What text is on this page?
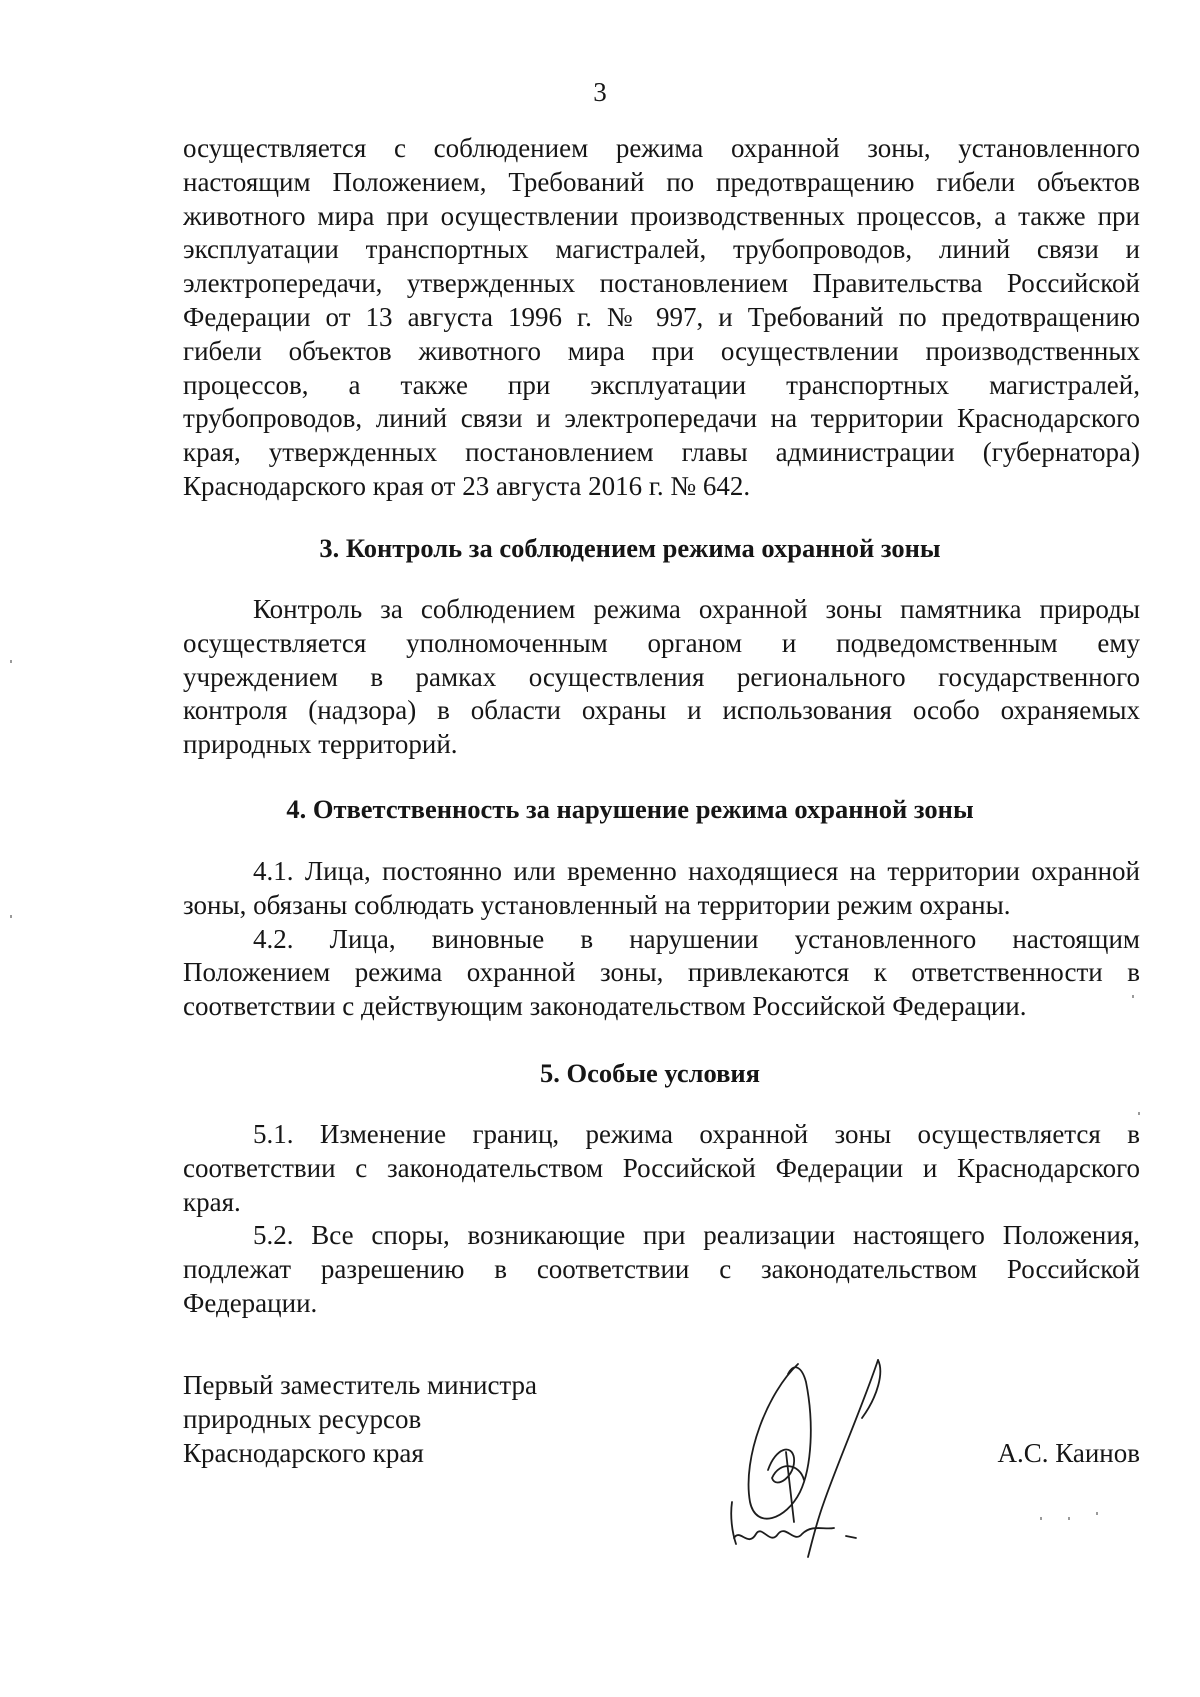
3
осуществляется с соблюдением режима охранной зоны, установленного
настоящим Положением, Требований по предотвращению гибели объектов
животного мира при осуществлении производственных процессов, а также при
эксплуатации транспортных магистралей, трубопроводов, линий связи и
электропередачи, утвержденных постановлением Правительства Российской
Федерации от 13 августа 1996 г. № 997, и Требований по предотвращению
гибели объектов животного мира при осуществлении производственных
процессов, а также при эксплуатации транспортных магистралей,
трубопроводов, линий связи и электропередачи на территории Краснодарского
края, утвержденных постановлением главы администрации (губернатора)
Краснодарского края от 23 августа 2016 г. № 642.
3. Контроль за соблюдением режима охранной зоны
Контроль за соблюдением режима охранной зоны памятника природы
осуществляется уполномоченным органом и подведомственным ему
учреждением в рамках осуществления регионального государственного
контроля (надзора) в области охраны и использования особо охраняемых
природных территорий.
4. Ответственность за нарушение режима охранной зоны
4.1. Лица, постоянно или временно находящиеся на территории охранной
зоны, обязаны соблюдать установленный на территории режим охраны.
4.2. Лица, виновные в нарушении установленного настоящим
Положением режима охранной зоны, привлекаются к ответственности в
соответствии с действующим законодательством Российской Федерации.
5. Особые условия
5.1. Изменение границ, режима охранной зоны осуществляется в
соответствии с законодательством Российской Федерации и Краснодарского
края.
5.2. Все споры, возникающие при реализации настоящего Положения,
подлежат разрешению в соответствии с законодательством Российской
Федерации.
Первый заместитель министра
природных ресурсов
Краснодарского края	А.С. Каинов
